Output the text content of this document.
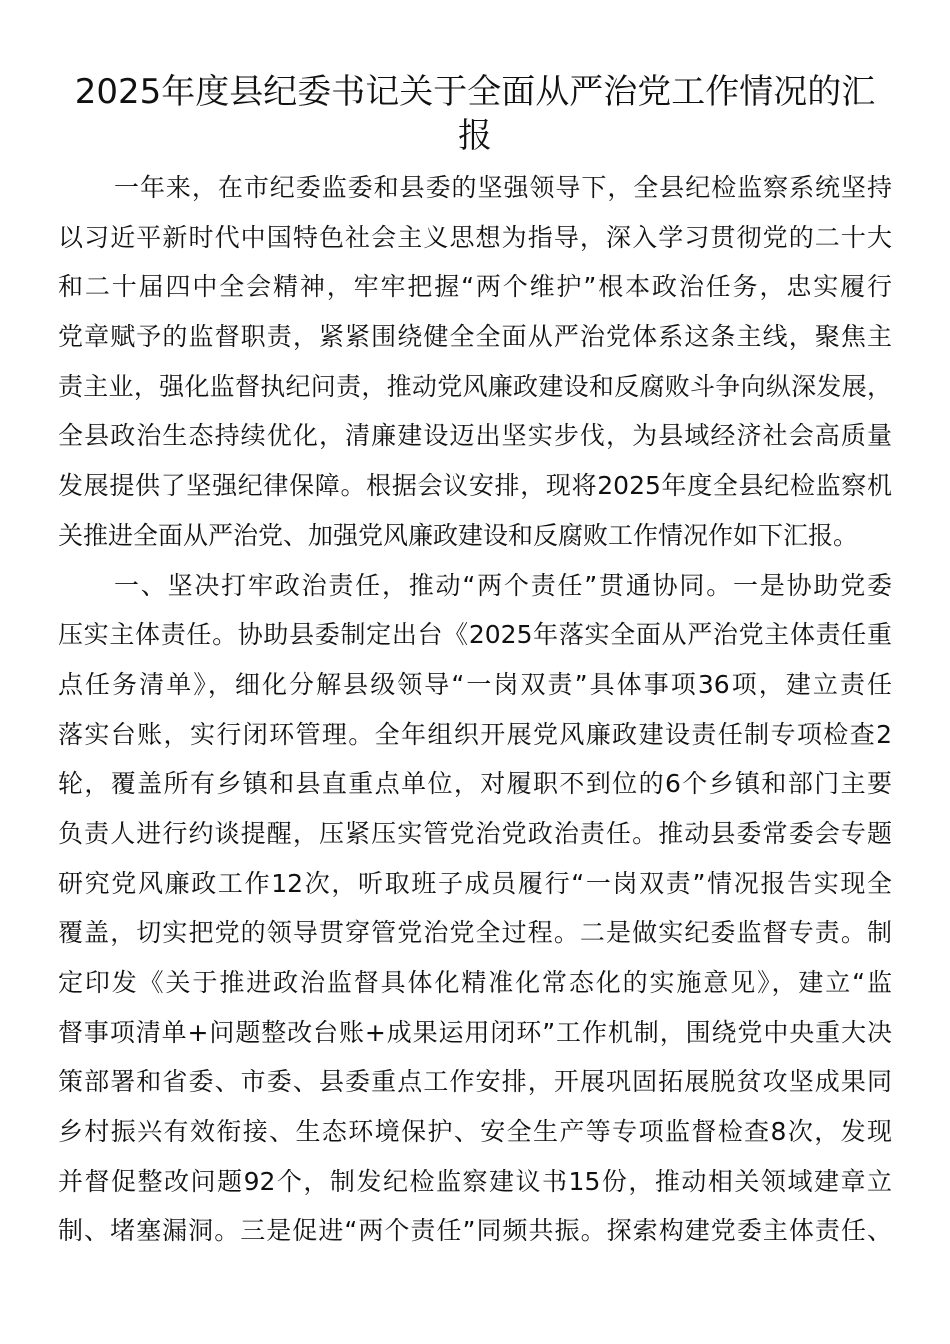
2025年度县纪委书记关于全面从严治党工作情况的汇
报
一年来，在市纪委监委和县委的坚强领导下，全县纪检监察系统坚持
以习近平新时代中国特色社会主义思想为指导，深入学习贯彻党的二十大
和二十届四中全会精神，牢牢把握“两个维护”根本政治任务，忠实履行
党章赋予的监督职责，紧紧围绕健全全面从严治党体系这条主线，聚焦主
责主业，强化监督执纪问责，推动党风廉政建设和反腐败斗争向纵深发展，
全县政治生态持续优化，清廉建设迈出坚实步伐，为县域经济社会高质量
发展提供了坚强纪律保障。根据会议安排，现将2025年度全县纪检监察机
关推进全面从严治党、加强党风廉政建设和反腐败工作情况作如下汇报。
一、坚决打牢政治责任，推动“两个责任”贯通协同。一是协助党委
压实主体责任。协助县委制定出台《2025年落实全面从严治党主体责任重
点任务清单》，细化分解县级领导“一岗双责”具体事项36项，建立责任
落实台账，实行闭环管理。全年组织开展党风廉政建设责任制专项检查2
轮，覆盖所有乡镇和县直重点单位，对履职不到位的6个乡镇和部门主要
负责人进行约谈提醒，压紧压实管党治党政治责任。推动县委常委会专题
研究党风廉政工作12次，听取班子成员履行“一岗双责”情况报告实现全
覆盖，切实把党的领导贯穿管党治党全过程。二是做实纪委监督专责。制
定印发《关于推进政治监督具体化精准化常态化的实施意见》，建立“监
督事项清单+问题整改台账+成果运用闭环”工作机制，围绕党中央重大决
策部署和省委、市委、县委重点工作安排，开展巩固拓展脱贫攻坚成果同
乡村振兴有效衔接、生态环境保护、安全生产等专项监督检查8次，发现
并督促整改问题92个，制发纪检监察建议书15份，推动相关领域建章立
制、堵塞漏洞。三是促进“两个责任”同频共振。探索构建党委主体责任、
